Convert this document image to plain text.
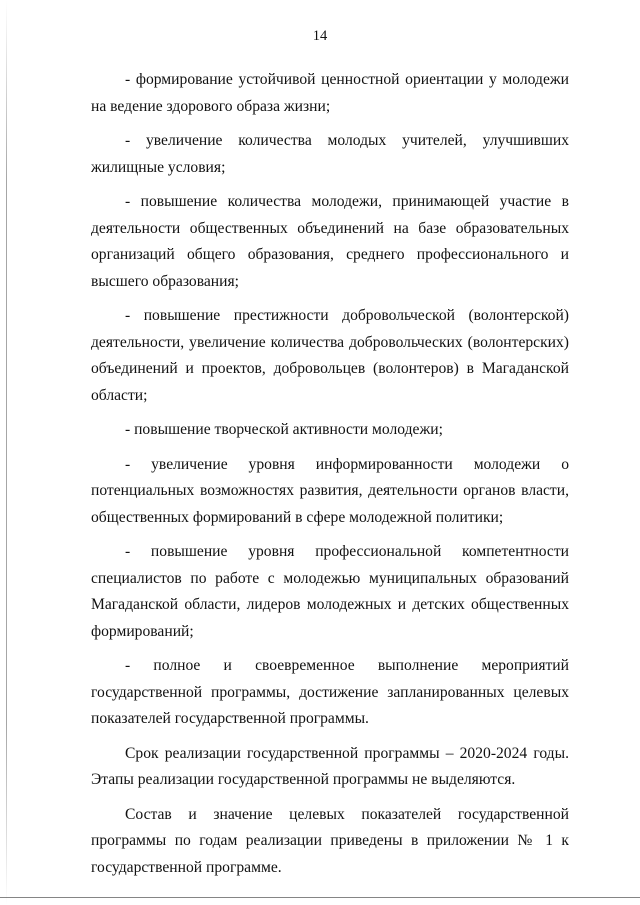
14

- формирование устойчивой ценностной ориентации у молодежи на ведение здорового образа жизни;

- увеличение количества молодых учителей, улучшивших жилищные условия;

- повышение количества молодежи, принимающей участие в деятельности общественных объединений на базе образовательных организаций общего образования, среднего профессионального и высшего образования;

- повышение престижности добровольческой (волонтерской) деятельности, увеличение количества добровольческих (волонтерских) объединений и проектов, добровольцев (волонтеров) в Магаданской области;

- повышение творческой активности молодежи;

- увеличение уровня информированности молодежи о потенциальных возможностях развития, деятельности органов власти, общественных формирований в сфере молодежной политики;

- повышение уровня профессиональной компетентности специалистов по работе с молодежью муниципальных образований Магаданской области, лидеров молодежных и детских общественных формирований;

- полное и своевременное выполнение мероприятий государственной программы, достижение запланированных целевых показателей государственной программы.

Срок реализации государственной программы – 2020-2024 годы. Этапы реализации государственной программы не выделяются.

Состав и значение целевых показателей государственной программы по годам реализации приведены в приложении № 1 к государственной программе.
